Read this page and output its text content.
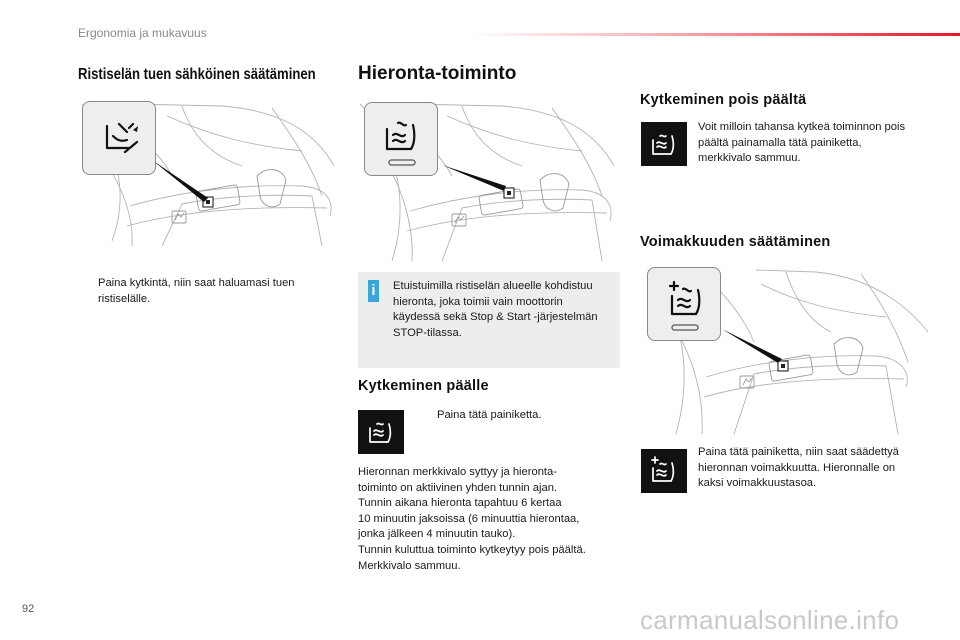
Ergonomia ja mukavuus
Ristiselän tuen sähköinen säätäminen
Paina kytkintä, niin saat haluamasi tuen ristiselälle.
Hieronta-toiminto
i	Etuistuimilla ristiselän alueelle kohdistuu hieronta, joka toimii vain moottorin käydessä sekä Stop & Start -järjestelmän STOP-tilassa.
Kytkeminen päälle
Paina tätä painiketta.
Hieronnan merkkivalo syttyy ja hieronta-
toiminto on aktiivinen yhden tunnin ajan.
Tunnin aikana hieronta tapahtuu 6 kertaa
10 minuutin jaksoissa (6 minuuttia hierontaa,
jonka jälkeen 4 minuutin tauko).
Tunnin kuluttua toiminto kytkeytyy pois päältä.
Merkkivalo sammuu.
Kytkeminen pois päältä
Voit milloin tahansa kytkeä toiminnon pois päältä painamalla tätä painiketta, merkkivalo sammuu.
Voimakkuuden säätäminen
Paina tätä painiketta, niin saat säädettyä hieronnan voimakkuutta. Hieronnalle on kaksi voimakkuustasoa.
92	carmanualsonline.info
